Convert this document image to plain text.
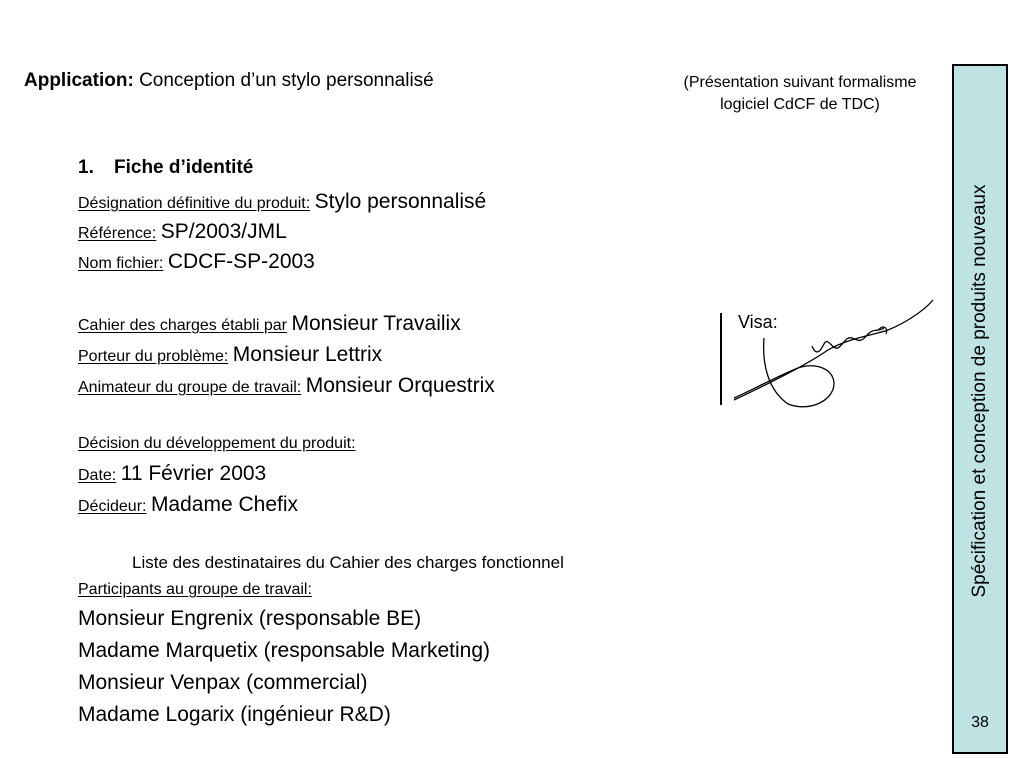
Application: Conception d’un stylo personnalisé	(Présentation suivant formalisme
logiciel CdCF de TDC)
Spécification et conception de produits nouveaux
38
1. Fiche d’identité
Désignation définitive du produit: Stylo personnalisé
Référence: SP/2003/JML
Nom fichier: CDCF-SP-2003
Cahier des charges établi par Monsieur Travailix
Porteur du problème: Monsieur Lettrix
Animateur du groupe de travail: Monsieur Orquestrix
Décision du développement du produit:
Date: 11 Février 2003
Décideur: Madame Chefix
Visa:
Liste des destinataires du Cahier des charges fonctionnel
Participants au groupe de travail:
Monsieur Engrenix (responsable BE)
Madame Marquetix (responsable Marketing)
Monsieur Venpax (commercial)
Madame Logarix (ingénieur R&D)
